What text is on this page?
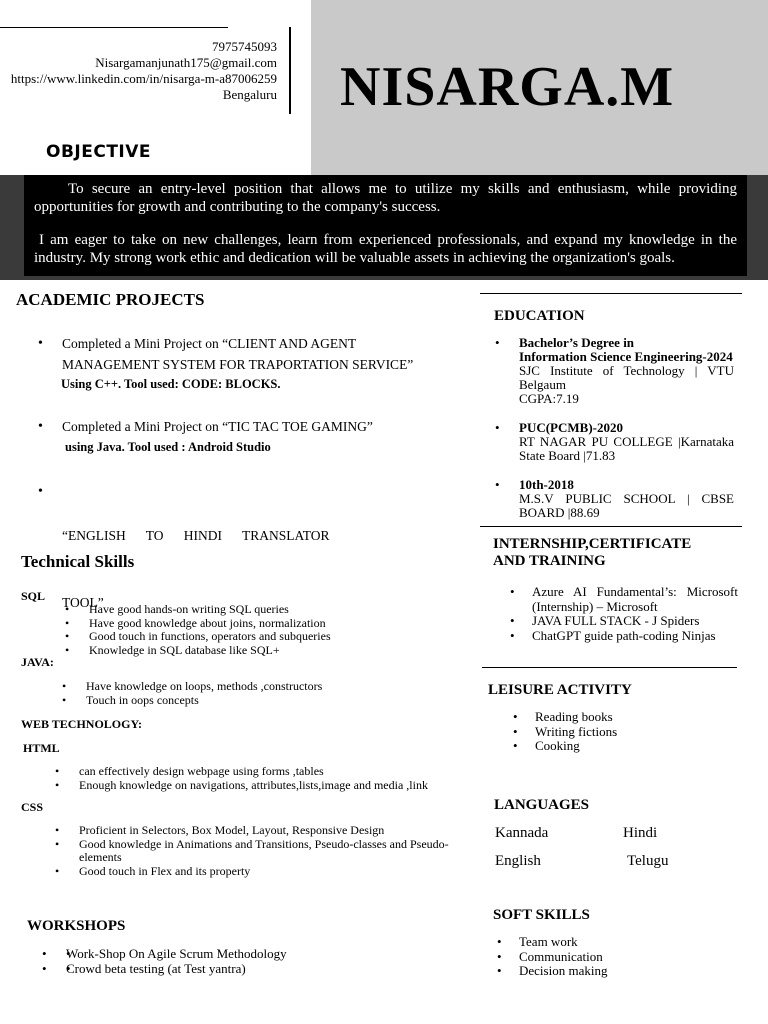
NISARGA.M
7975745093
Nisargamanjunath175@gmail.com
https://www.linkedin.com/in/nisarga-m-a87006259
Bengaluru
OBJECTIVE
To secure an entry-level position that allows me to utilize my skills and enthusiasm, while providing opportunities for growth and contributing to the company's success.
I am eager to take on new challenges, learn from experienced professionals, and expand my knowledge in the industry. My strong work ethic and dedication will be valuable assets in achieving the organization's goals.
ACADEMIC PROJECTS
• Completed a Mini Project on “CLIENT AND AGENT
MANAGEMENT SYSTEM FOR TRAPORTATION SERVICE”
Using C++. Tool used: CODE: BLOCKS.
• Completed a Mini Project on “TIC TAC TOE GAMING”
using Java. Tool used : Android Studio

• “ENGLISH      TO      HINDI      TRANSLATOR

TOOL”

Technical Skills
SQL
• Have good hands-on writing SQL queries
• Have good knowledge about joins, normalization
• Good touch in functions, operators and subqueries
• Knowledge in SQL database like SQL+
JAVA:
• Have knowledge on loops, methods ,constructors
• Touch in oops concepts
WEB TECHNOLOGY:
HTML
• can effectively design webpage using forms ,tables
• Enough knowledge on navigations, attributes,lists,image and media ,link
CSS
• Proficient in Selectors, Box Model, Layout, Responsive Design
• Good knowledge in Animations and Transitions, Pseudo-classes and Pseudo-elements
• Good touch in Flex and its property
WORKSHOPS
• • Work-Shop On Agile Scrum Methodology
• • Crowd beta testing (at Test yantra)
EDUCATION
• Bachelor’s Degree in
Information Science Engineering-2024
SJC Institute of Technology | VTU Belgaum
CGPA:7.19
• PUC(PCMB)-2020
RT NAGAR PU COLLEGE |Karnataka State Board |71.83
• 10th-2018
M.S.V PUBLIC SCHOOL | CBSE BOARD |88.69
INTERNSHIP,CERTIFICATE
AND TRAINING
• Azure AI Fundamental’s: Microsoft (Internship) – Microsoft
• JAVA FULL STACK - J Spiders
• ChatGPT guide path-coding Ninjas
LEISURE ACTIVITY
• Reading books
• Writing fictions
• Cooking
LANGUAGES
Kannada	Hindi
English	Telugu
SOFT SKILLS
• Team work
• Communication
• Decision making
